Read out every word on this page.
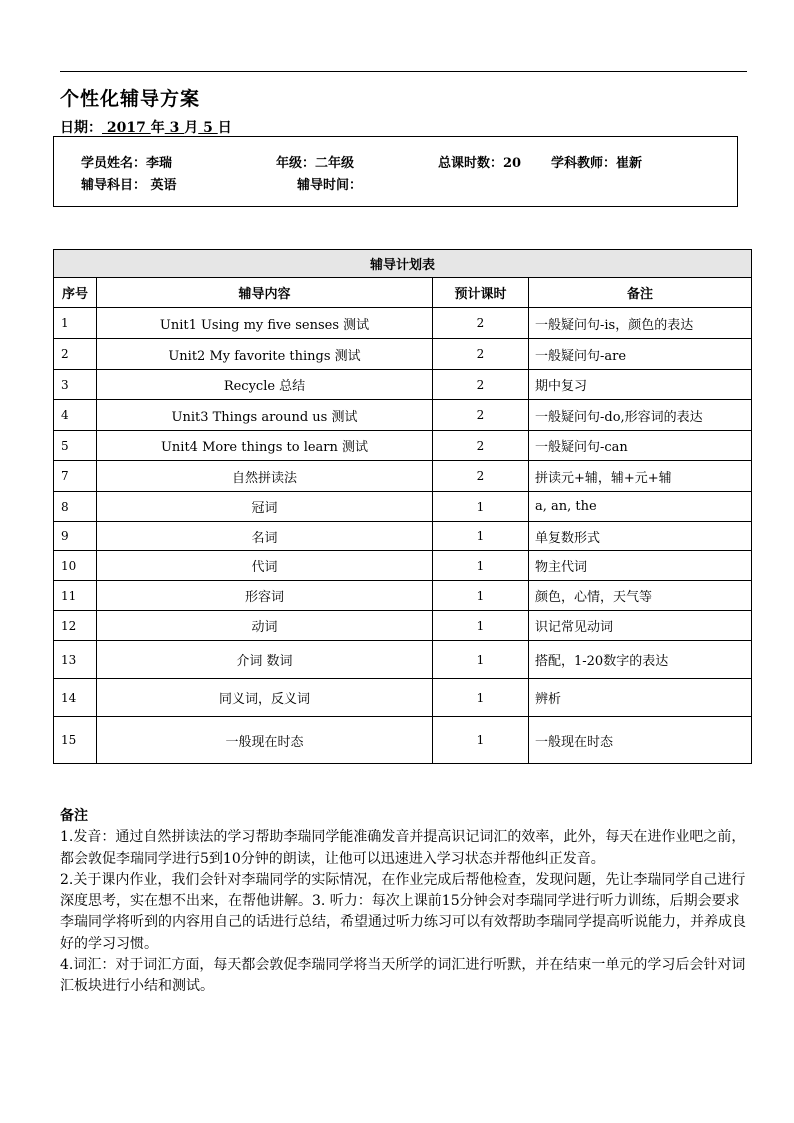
个性化辅导方案
日期： 2017 年 3 月 5 日
学员姓名：李瑞	年级：二年级	总课时数：20 学科教师：崔新
辅导科目： 英语	辅导时间：
辅导计划表			
序号	辅导内容	预计课时	备注
1	Unit1 Using my five senses 测试	2	一般疑问句-is，颜色的表达
2	Unit2 My favorite things 测试	2	一般疑问句-are
3	Recycle 总结	2	期中复习
4	Unit3 Things around us 测试	2	一般疑问句-do,形容词的表达
5	Unit4 More things to learn 测试	2	一般疑问句-can
7	自然拼读法	2	拼读元+辅，辅+元+辅
8	冠词	1	a, an, the
9	名词	1	单复数形式
10	代词	1	物主代词
11	形容词	1	颜色，心情，天气等
12	动词	1	识记常见动词
13	介词 数词	1	搭配，1-20数字的表达
14	同义词，反义词	1	辨析
15	一般现在时态	1	一般现在时态
备注

1.发音：通过自然拼读法的学习帮助李瑞同学能准确发音并提高识记词汇的效率，此外，每天在进作业吧之前，都会敦促李瑞同学进行5到10分钟的朗读，让他可以迅速进入学习状态并帮他纠正发音。

2.关于课内作业，我们会针对李瑞同学的实际情况，在作业完成后帮他检查，发现问题，先让李瑞同学自己进行深度思考，实在想不出来，在帮他讲解。3. 听力：每次上课前15分钟会对李瑞同学进行听力训练，后期会要求李瑞同学将听到的内容用自己的话进行总结，希望通过听力练习可以有效帮助李瑞同学提高听说能力，并养成良好的学习习惯。

4.词汇：对于词汇方面，每天都会敦促李瑞同学将当天所学的词汇进行听默，并在结束一单元的学习后会针对词汇板块进行小结和测试。
